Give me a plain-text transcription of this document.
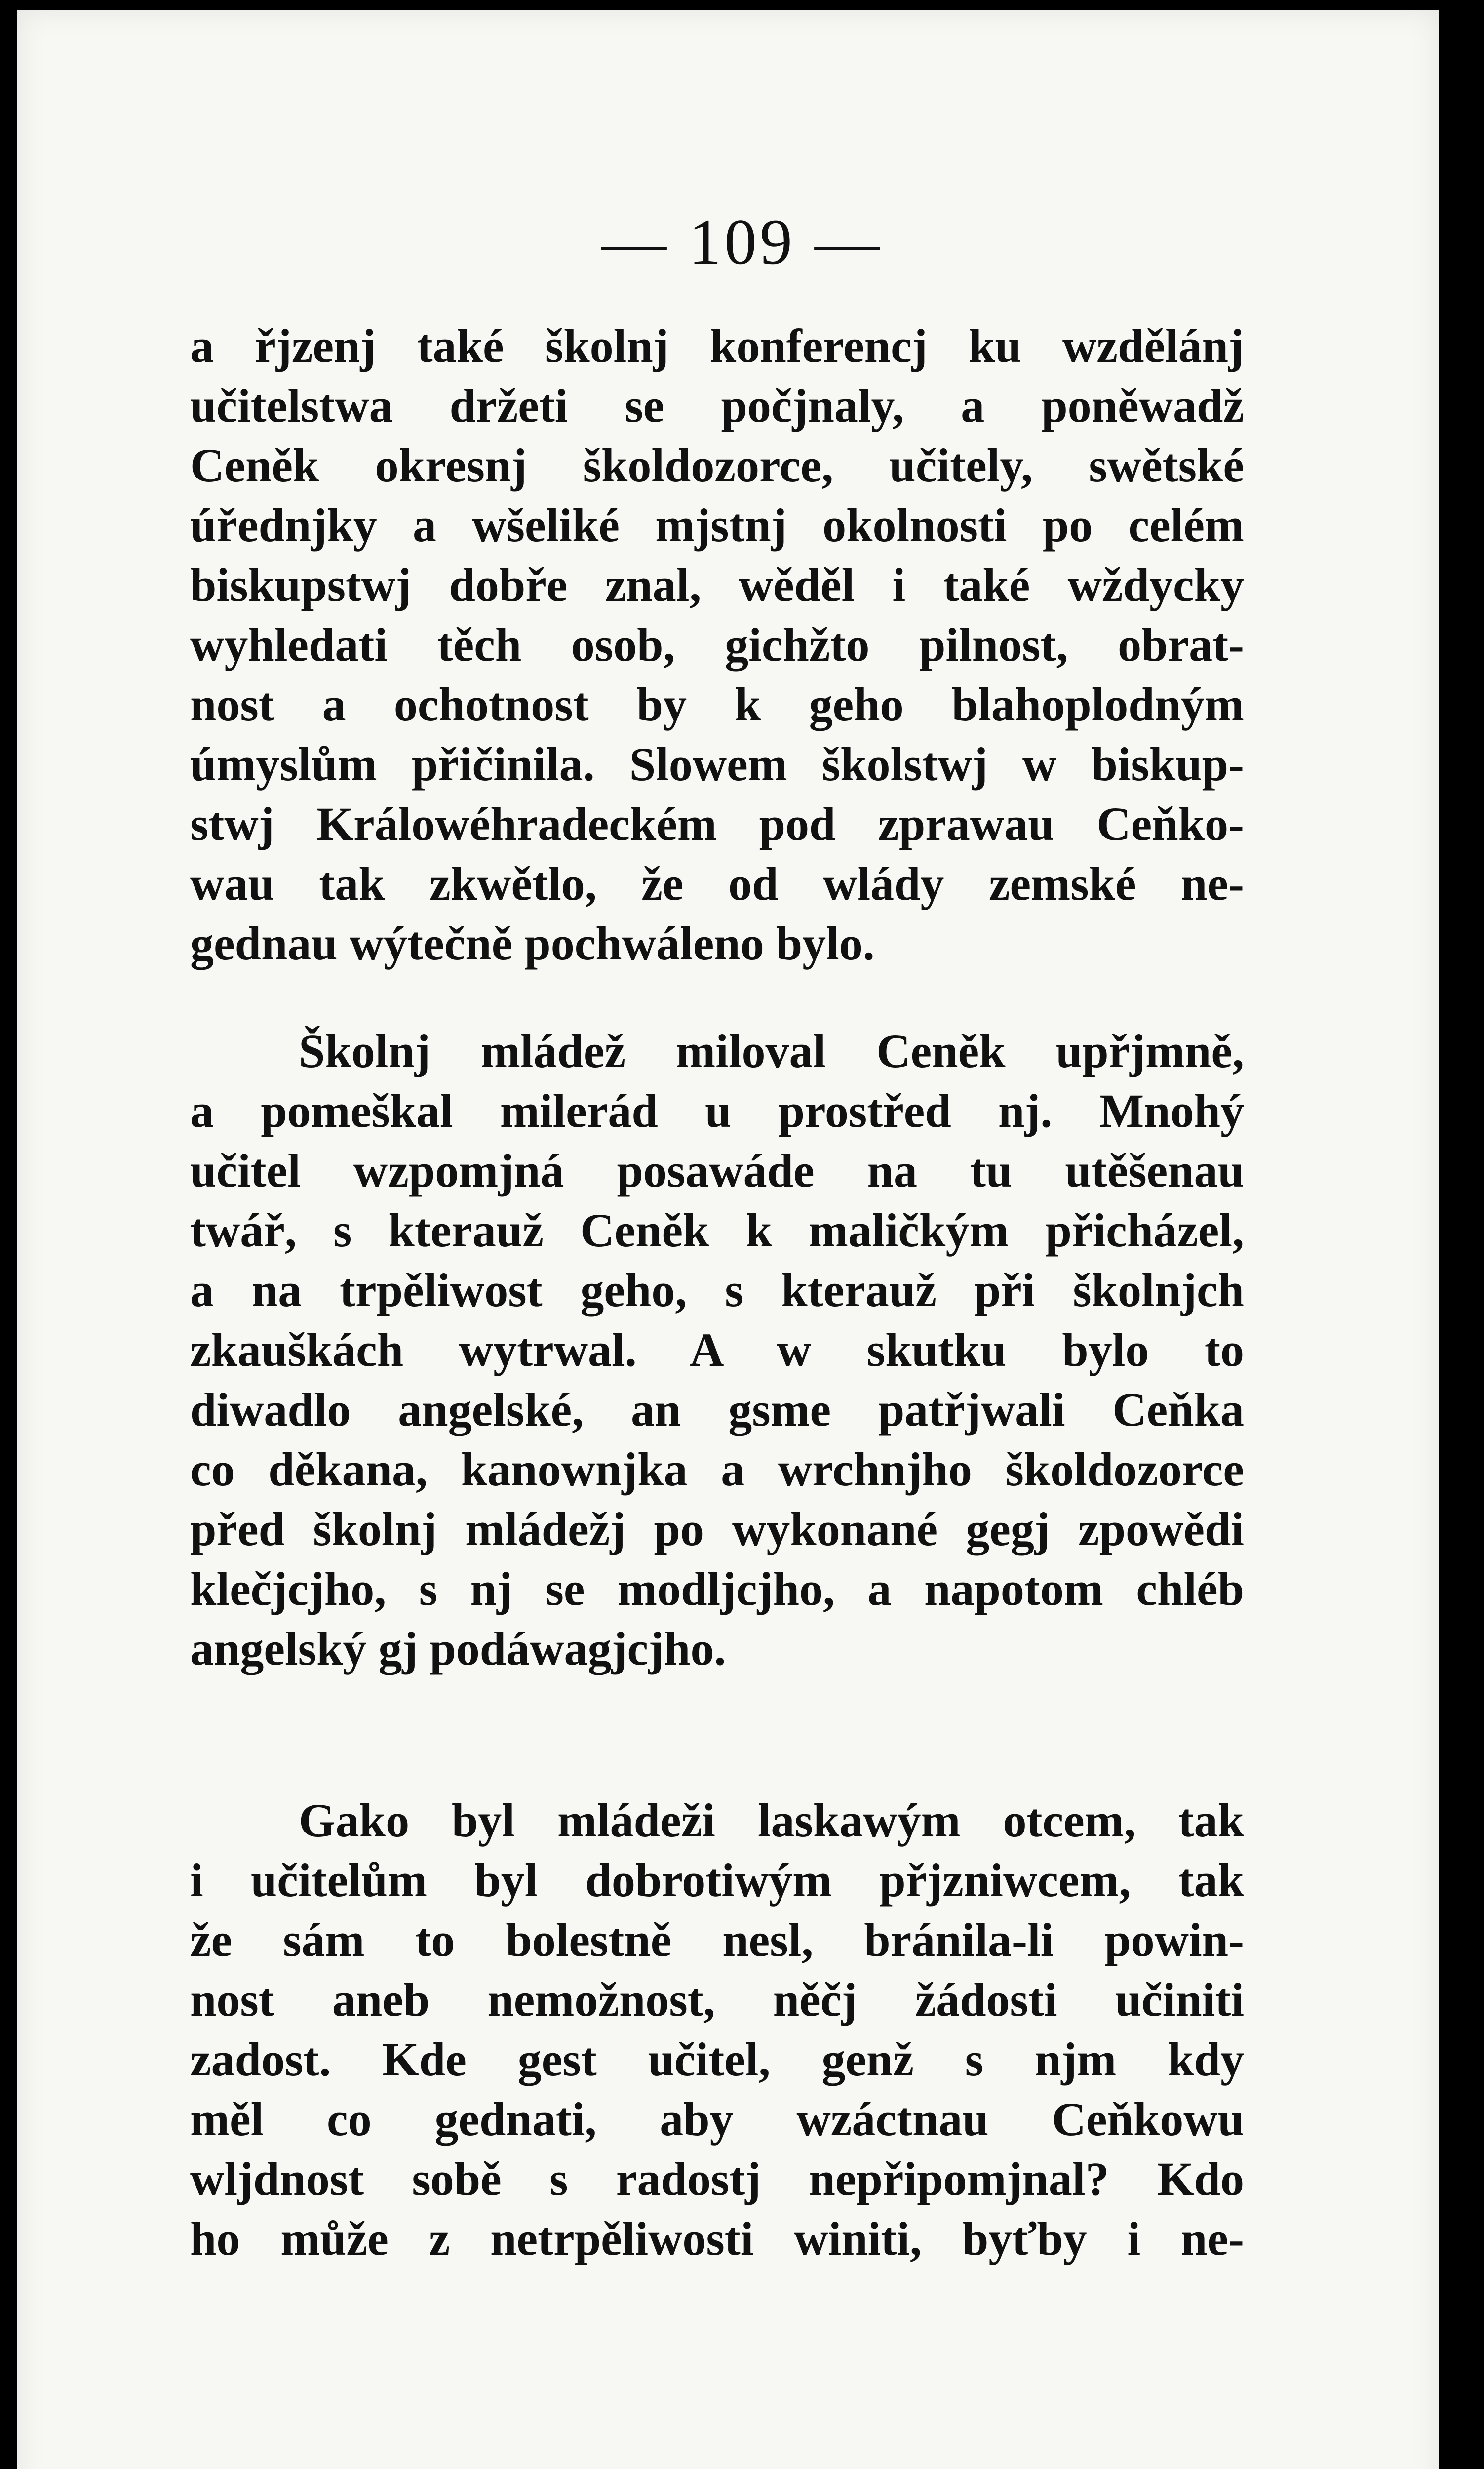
— 109 —

a řjzenj také školnj konferencj ku wzdělánj
učitelstwa držeti se počjnaly, a poněwadž
Ceněk okresnj školdozorce, učitely, swětské
úřednjky a wšeliké mjstnj okolnosti po celém
biskupstwj dobře znal, wěděl i také wždycky
wyhledati těch osob, gichžto pilnost, obrat-
nost a ochotnost by k geho blahoplodným
úmyslům přičinila. Slowem školstwj w biskup-
stwj Králowéhradeckém pod zprawau Ceňko-
wau tak zkwětlo, že od wlády zemské ne-
gednau wýtečně pochwáleno bylo.

Školnj mládež miloval Ceněk upřjmně,
a pomeškal milerád u prostřed nj. Mnohý
učitel wzpomjná posawáde na tu utěšenau
twář, s kterauž Ceněk k maličkým přicházel,
a na trpěliwost geho, s kterauž při školnjch
zkauškách wytrwal. A w skutku bylo to
diwadlo angelské, an gsme patřjwali Ceňka
co děkana, kanownjka a wrchnjho školdozorce
před školnj mládežj po wykonané gegj zpowědi
klečjcjho, s nj se modljcjho, a napotom chléb
angelský gj podáwagjcjho.

Gako byl mládeži laskawým otcem, tak
i učitelům byl dobrotiwým přjzniwcem, tak
že sám to bolestně nesl, bránila-li powin-
nost aneb nemožnost, něčj žádosti učiniti
zadost. Kde gest učitel, genž s njm kdy
měl co gednati, aby wzáctnau Ceňkowu
wljdnost sobě s radostj nepřipomjnal? Kdo
ho může z netrpěliwosti winiti, byťby i ne-
